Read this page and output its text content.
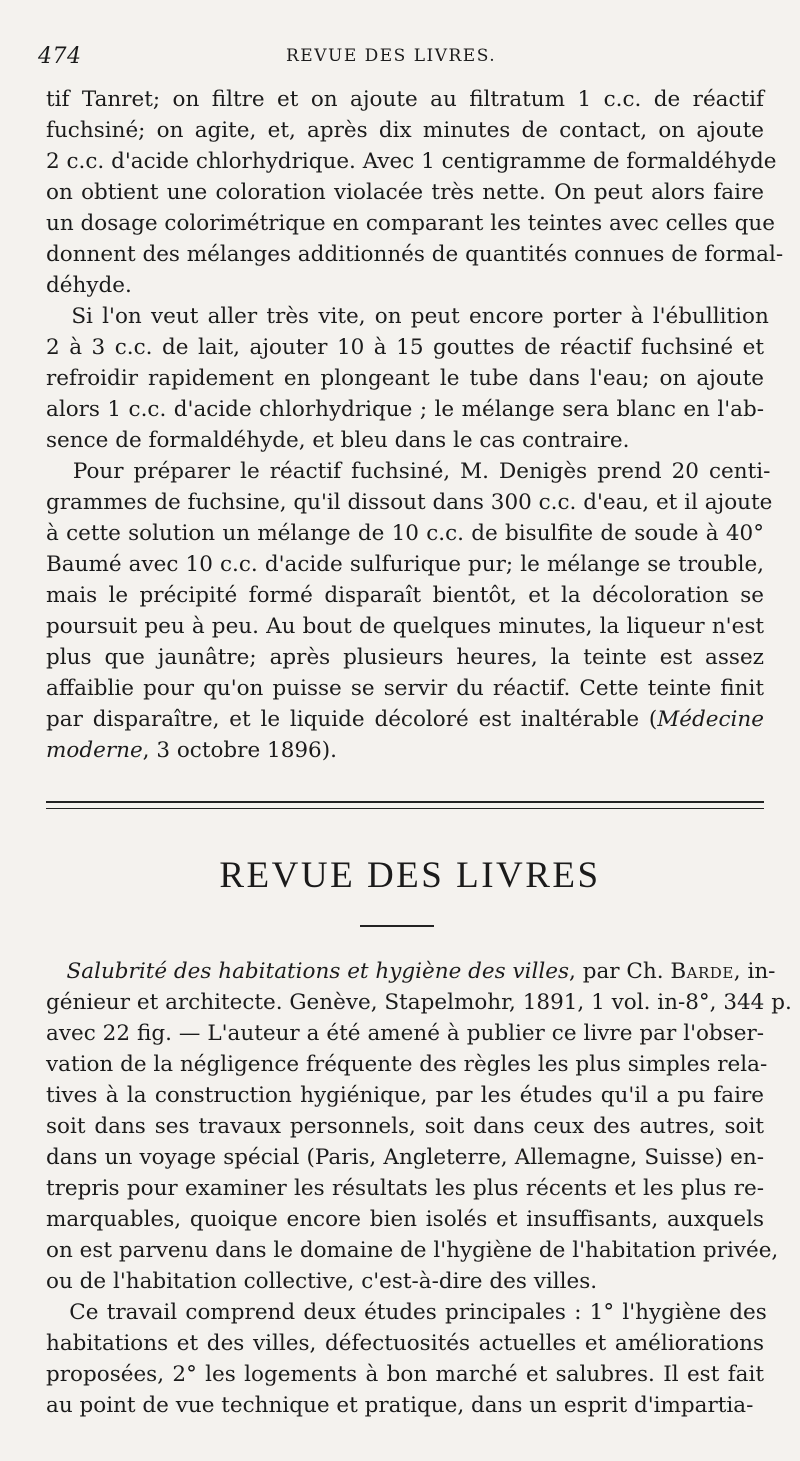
474	REVUE DES LIVRES.
tif Tanret; on filtre et on ajoute au filtratum 1 c.c. de réactif
fuchsiné; on agite, et, après dix minutes de contact, on ajoute
2 c.c. d'acide chlorhydrique. Avec 1 centigramme de formaldéhyde
on obtient une coloration violacée très nette. On peut alors faire
un dosage colorimétrique en comparant les teintes avec celles que
donnent des mélanges additionnés de quantités connues de formal-
déhyde.
Si l'on veut aller très vite, on peut encore porter à l'ébullition
2 à 3 c.c. de lait, ajouter 10 à 15 gouttes de réactif fuchsiné et
refroidir rapidement en plongeant le tube dans l'eau; on ajoute
alors 1 c.c. d'acide chlorhydrique ; le mélange sera blanc en l'ab-
sence de formaldéhyde, et bleu dans le cas contraire.
Pour préparer le réactif fuchsiné, M. Denigès prend 20 centi-
grammes de fuchsine, qu'il dissout dans 300 c.c. d'eau, et il ajoute
à cette solution un mélange de 10 c.c. de bisulfite de soude à 40°
Baumé avec 10 c.c. d'acide sulfurique pur; le mélange se trouble,
mais le précipité formé disparaît bientôt, et la décoloration se
poursuit peu à peu. Au bout de quelques minutes, la liqueur n'est
plus que jaunâtre; après plusieurs heures, la teinte est assez
affaiblie pour qu'on puisse se servir du réactif. Cette teinte finit
par disparaître, et le liquide décoloré est inaltérable (Médecine
moderne, 3 octobre 1896).
REVUE DES LIVRES
Salubrité des habitations et hygiène des villes, par Ch. Barde, in-
génieur et architecte. Genève, Stapelmohr, 1891, 1 vol. in-8°, 344 p.
avec 22 fig. — L'auteur a été amené à publier ce livre par l'obser-
vation de la négligence fréquente des règles les plus simples rela-
tives à la construction hygiénique, par les études qu'il a pu faire
soit dans ses travaux personnels, soit dans ceux des autres, soit
dans un voyage spécial (Paris, Angleterre, Allemagne, Suisse) en-
trepris pour examiner les résultats les plus récents et les plus re-
marquables, quoique encore bien isolés et insuffisants, auxquels
on est parvenu dans le domaine de l'hygiène de l'habitation privée,
ou de l'habitation collective, c'est-à-dire des villes.
Ce travail comprend deux études principales : 1° l'hygiène des
habitations et des villes, défectuosités actuelles et améliorations
proposées, 2° les logements à bon marché et salubres. Il est fait
au point de vue technique et pratique, dans un esprit d'impartia-
